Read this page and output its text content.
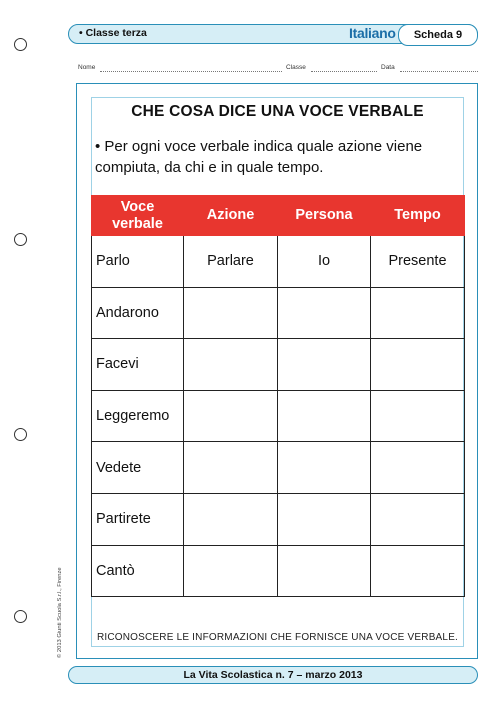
• Classe terza	Italiano	Scheda 9
Nome	Classe	Data
CHE COSA DICE UNA VOCE VERBALE
• Per ogni voce verbale indica quale azione viene compiuta, da chi e in quale tempo.
Voce verbale	Azione	Persona	Tempo
Parlo	Parlare	Io	Presente
Andarono			
Facevi			
Leggeremo			
Vedete			
Partirete			
Cantò			
RICONOSCERE LE INFORMAZIONI CHE FORNISCE UNA VOCE VERBALE.
© 2013 Giunti Scuola S.r.l., Firenze
La Vita Scolastica n. 7 – marzo 2013
